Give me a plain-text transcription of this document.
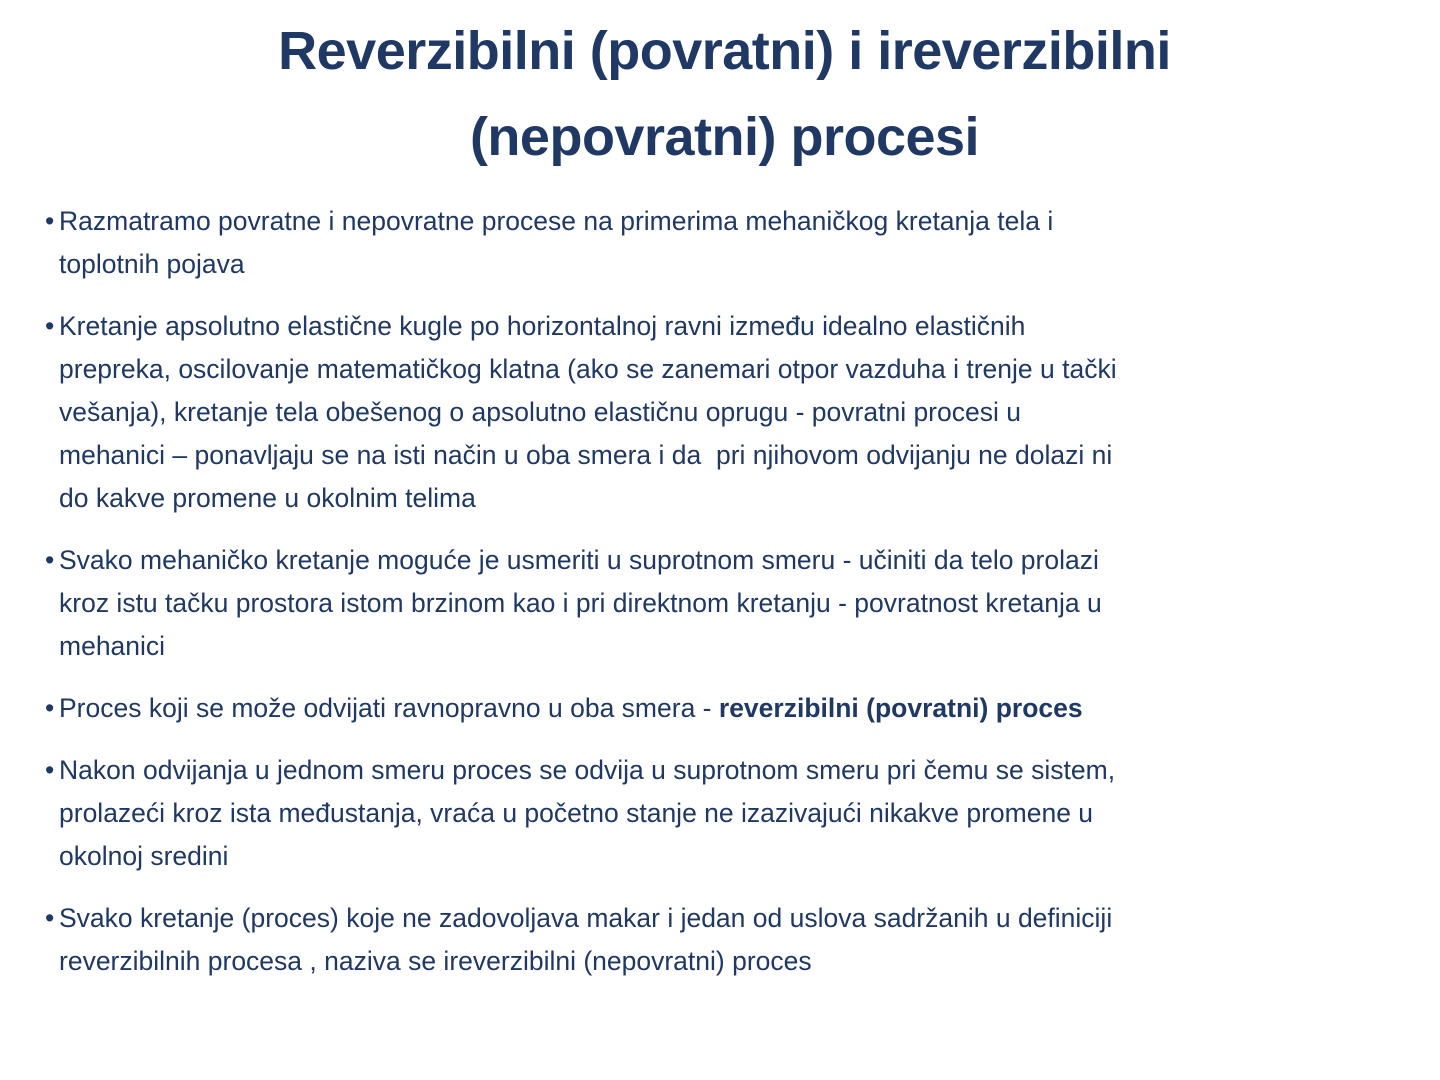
Reverzibilni (povratni) i ireverzibilni
(nepovratni) procesi
• Razmatramo povratne i nepovratne procese na primerima mehaničkog kretanja tela i
toplotnih pojava
• Kretanje apsolutno elastične kugle po horizontalnoj ravni između idealno elastičnih
prepreka, oscilovanje matematičkog klatna (ako se zanemari otpor vazduha i trenje u tački
vešanja), kretanje tela obešenog o apsolutno elastičnu oprugu - povratni procesi u
mehanici – ponavljaju se na isti način u oba smera i da  pri njihovom odvijanju ne dolazi ni
do kakve promene u okolnim telima
• Svako mehaničko kretanje moguće je usmeriti u suprotnom smeru - učiniti da telo prolazi
kroz istu tačku prostora istom brzinom kao i pri direktnom kretanju - povratnost kretanja u
mehanici
• Proces koji se može odvijati ravnopravno u oba smera - reverzibilni (povratni) proces
• Nakon odvijanja u jednom smeru proces se odvija u suprotnom smeru pri čemu se sistem,
prolazeći kroz ista međustanja, vraća u početno stanje ne izazivajući nikakve promene u
okolnoj sredini
• Svako kretanje (proces) koje ne zadovoljava makar i jedan od uslova sadržanih u definiciji
reverzibilnih procesa , naziva se ireverzibilni (nepovratni) proces
